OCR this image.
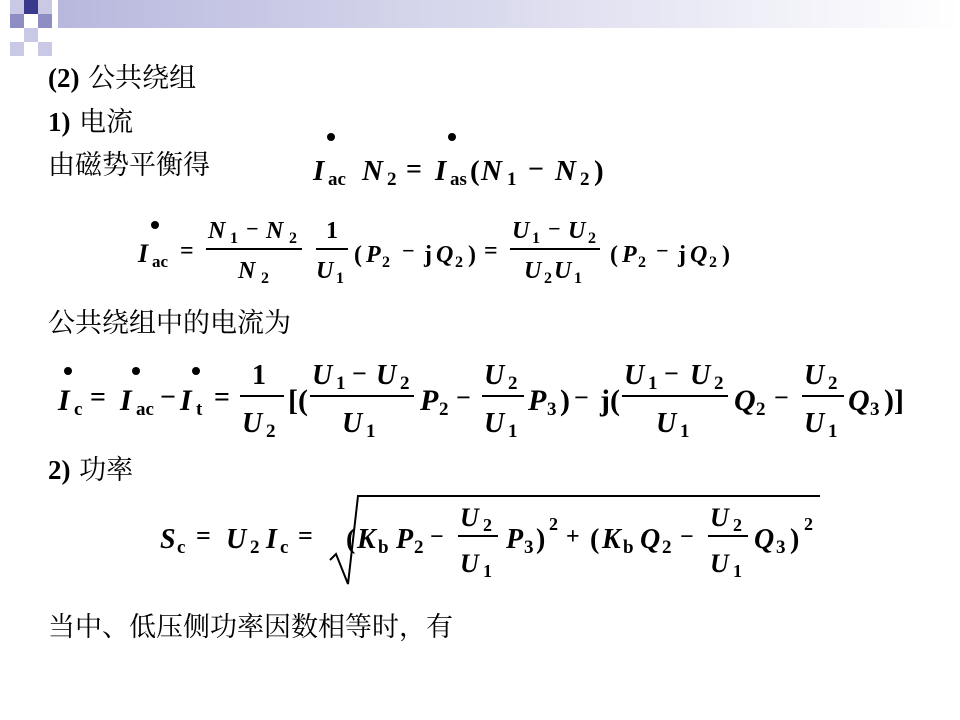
(2) 公共绕组
1) 电流
由磁势平衡得
公共绕组中的电流为
2) 功率
当中、低压侧功率因数相等时，有
I ac N 2 = I as ( N 1 − N 2 )
I ac =
N 1 − N 2
N 2
1
U 1
( P 2 − j Q 2 ) =
U 1 − U 2
U 2 U 1
( P 2 − j Q 2 )
I c = I ac − I t =
1
U 2
[(
U 1 − U 2
U 1
P 2 −
U 2
U 1
P 3 ) − j(
U 1 − U 2
U 1
Q 2 −
U 2
U 1
Q 3 )]
S c = U 2 I c = ( K b P 2 −
U 2
U 1
P 3 ) 2 + ( K b Q 2 −
U 2
U 1
Q 3 ) 2
